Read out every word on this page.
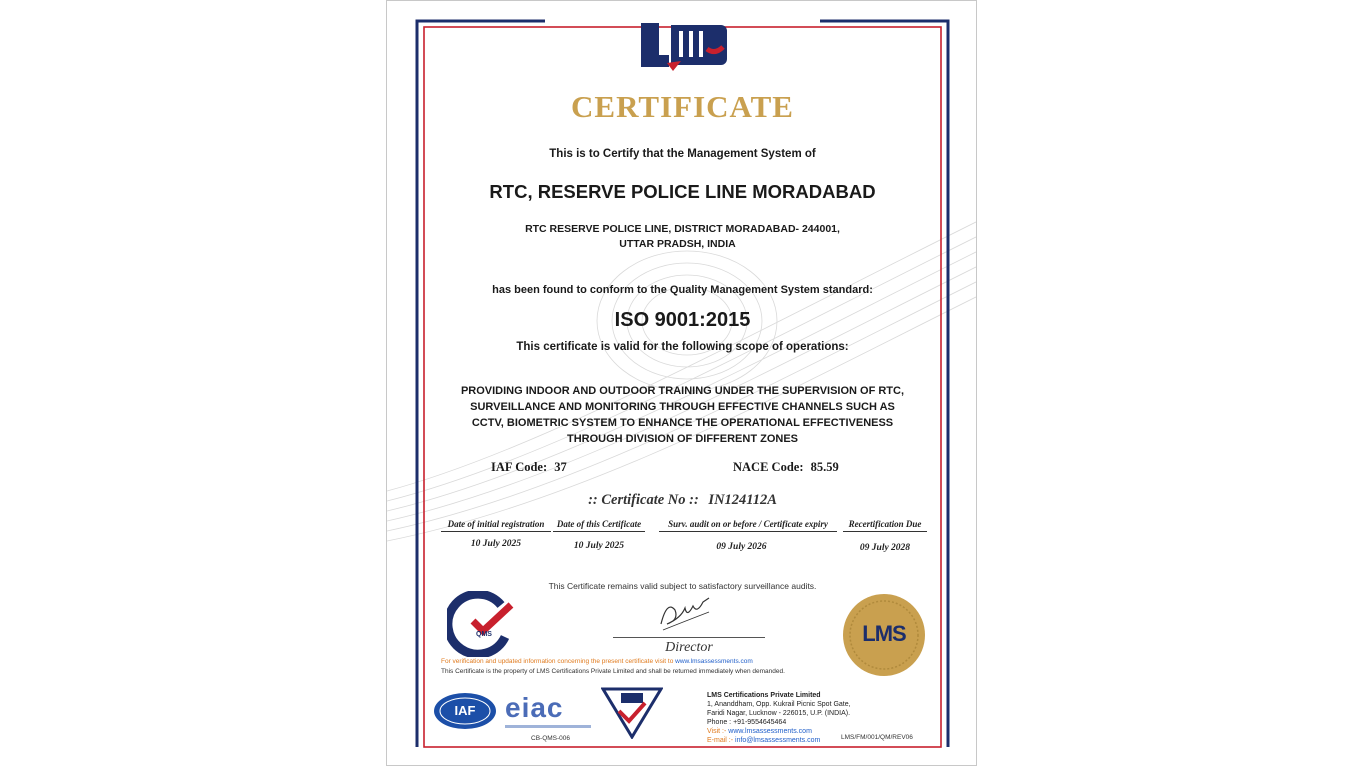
CERTIFICATE
This is to Certify that the Management System of
RTC, RESERVE POLICE LINE MORADABAD
RTC RESERVE POLICE LINE, DISTRICT MORADABAD- 244001,
UTTAR PRADSH, INDIA
has been found to conform to the Quality Management System standard:
ISO 9001:2015
This certificate is valid for the following scope of operations:
PROVIDING INDOOR AND OUTDOOR TRAINING UNDER THE SUPERVISION OF RTC,
SURVEILLANCE AND MONITORING THROUGH EFFECTIVE CHANNELS SUCH AS
CCTV, BIOMETRIC SYSTEM TO ENHANCE THE OPERATIONAL EFFECTIVENESS
THROUGH DIVISION OF DIFFERENT ZONES
IAF Code: 37	NACE Code: 85.59
:: Certificate No :: IN124112A
Date of initial registration	Date of this Certificate	Surv. audit on or before / Certificate expiry	Recertification Due
10 July 2025	10 July 2025	09 July 2026	09 July 2028
This Certificate remains valid subject to satisfactory surveillance audits.
QMS
Director
LMS
For verification and updated information concerning the present certificate visit to www.lmsassessments.com
This Certificate is the property of LMS Certifications Private Limited and shall be returned immediately when demanded.
IAF	eiac
CB-QMS-006
LMS Certifications Private Limited
1, Ananddham, Opp. Kukrail Picnic Spot Gate,
Faridi Nagar, Lucknow - 226015, U.P. (INDIA).
Phone : +91-9554645464
Visit :- www.lmsassessments.com
E-mail :- info@lmsassessments.com	LMS/FM/001/QM/REV06
